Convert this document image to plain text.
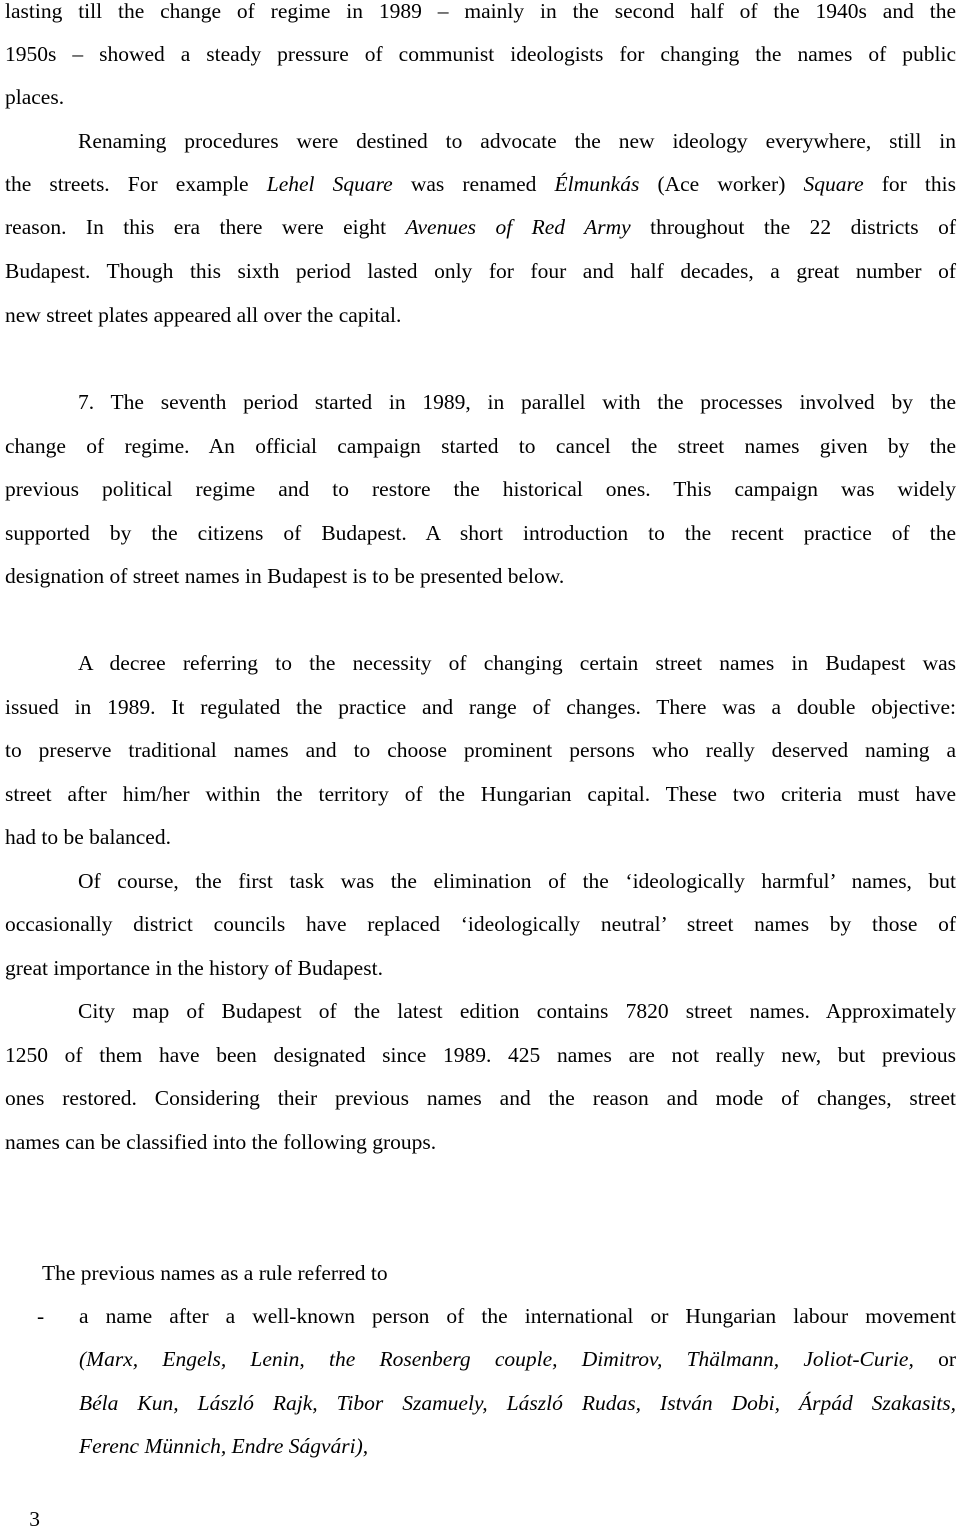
lasting till the change of regime in 1989 – mainly in the second half of the 1940s and the
1950s – showed a steady pressure of communist ideologists for changing the names of public
places.
Renaming procedures were destined to advocate the new ideology everywhere, still in
the streets. For example Lehel Square was renamed Élmunkás (Ace worker) Square for this
reason. In this era there were eight Avenues of Red Army throughout the 22 districts of
Budapest. Though this sixth period lasted only for four and half decades, a great number of
new street plates appeared all over the capital.
7. The seventh period started in 1989, in parallel with the processes involved by the
change of regime. An official campaign started to cancel the street names given by the
previous political regime and to restore the historical ones. This campaign was widely
supported by the citizens of Budapest. A short introduction to the recent practice of the
designation of street names in Budapest is to be presented below.
A decree referring to the necessity of changing certain street names in Budapest was
issued in 1989. It regulated the practice and range of changes. There was a double objective:
to preserve traditional names and to choose prominent persons who really deserved naming a
street after him/her within the territory of the Hungarian capital. These two criteria must have
had to be balanced.
Of course, the first task was the elimination of the ‘ideologically harmful’ names, but
occasionally district councils have replaced ‘ideologically neutral’ street names by those of
great importance in the history of Budapest.
City map of Budapest of the latest edition contains 7820 street names. Approximately
1250 of them have been designated since 1989. 425 names are not really new, but previous
ones restored. Considering their previous names and the reason and mode of changes, street
names can be classified into the following groups.
The previous names as a rule referred to
-	a name after a well-known person of the international or Hungarian labour movement
(Marx, Engels, Lenin, the Rosenberg couple, Dimitrov, Thälmann, Joliot-Curie, or
Béla Kun, László Rajk, Tibor Szamuely, László Rudas, István Dobi, Árpád Szakasits,
Ferenc Münnich, Endre Ságvári),
3
